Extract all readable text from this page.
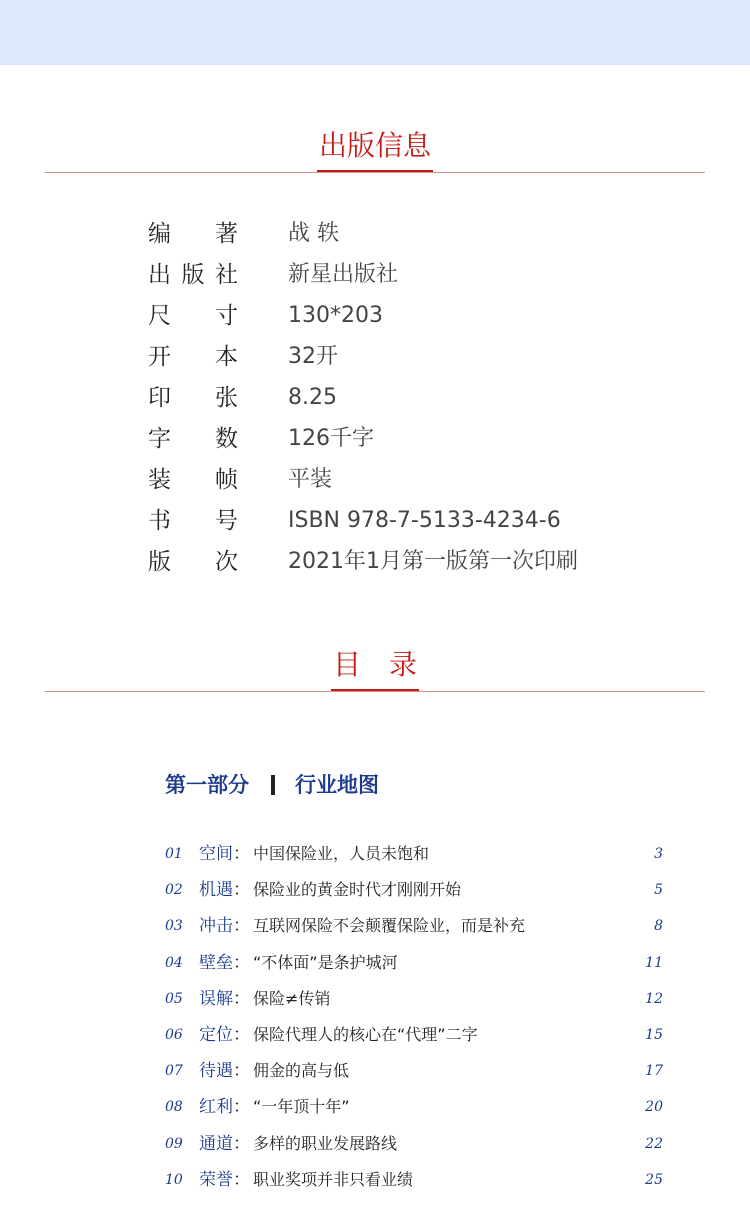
出版信息
编著 战 轶
出版社 新星出版社
尺寸 130*203
开本 32开
印张 8.25
字数 126千字
装帧 平装
书号 ISBN 978-7-5133-4234-6
版次 2021年1月第一版第一次印刷
目　录
第一部分 行业地图
01 空间： 中国保险业，人员未饱和	3
02 机遇： 保险业的黄金时代才刚刚开始	5
03 冲击： 互联网保险不会颠覆保险业，而是补充	8
04 壁垒： “不体面”是条护城河	11
05 误解： 保险≠传销	12
06 定位： 保险代理人的核心在“代理”二字	15
07 待遇： 佣金的高与低	17
08 红利： “一年顶十年”	20
09 通道： 多样的职业发展路线	22
10 荣誉： 职业奖项并非只看业绩	25
